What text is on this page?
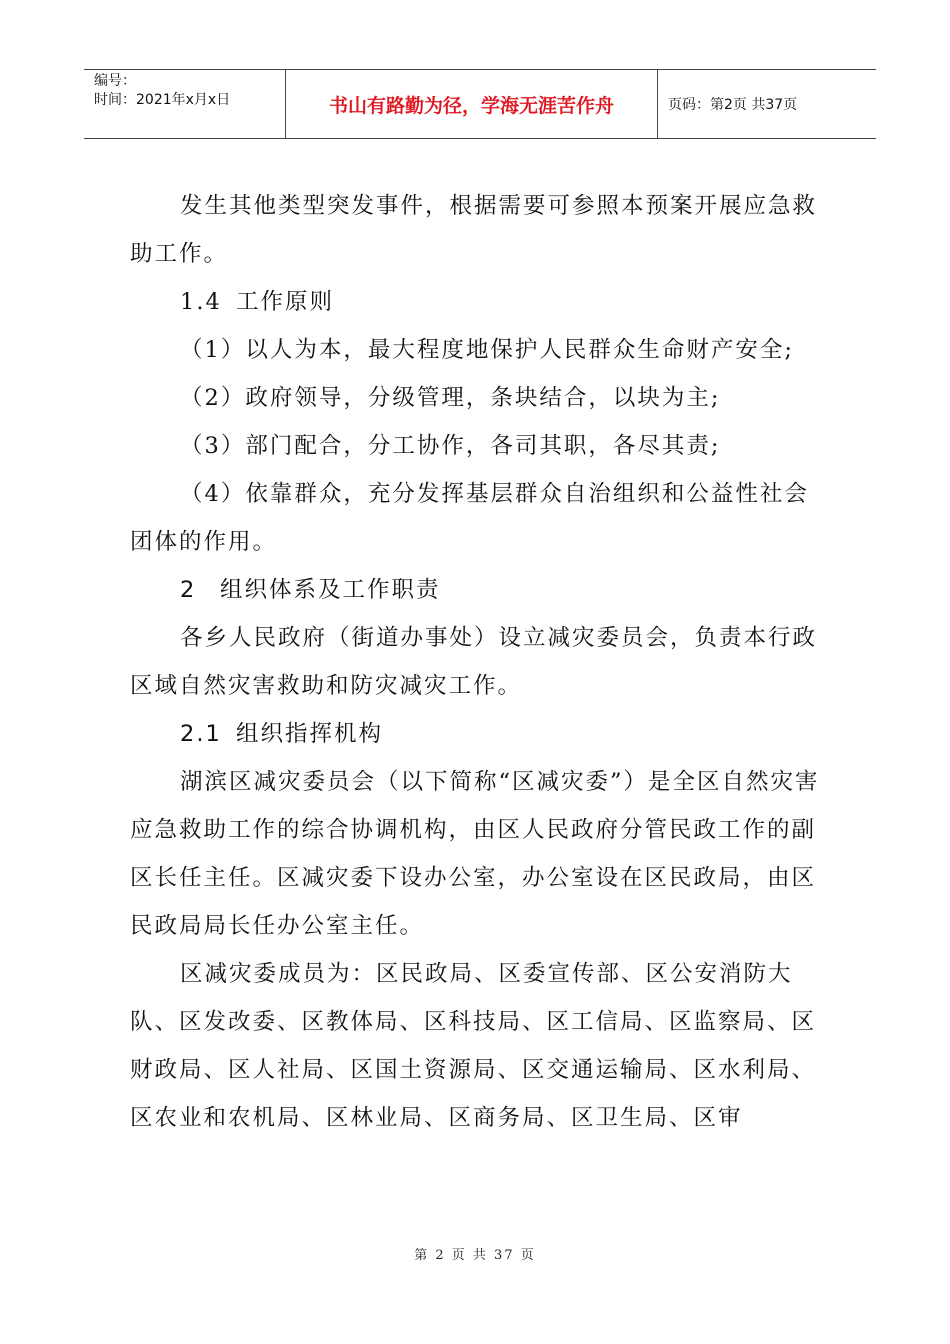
编号：
时间：2021年x月x日	书山有路勤为径，学海无涯苦作舟	页码：第2页 共37页

发生其他类型突发事件，根据需要可参照本预案开展应急救助工作。

1.4 工作原则

（1）以人为本，最大程度地保护人民群众生命财产安全;

（2）政府领导，分级管理，条块结合，以块为主;

（3）部门配合，分工协作，各司其职，各尽其责;

（4）依靠群众，充分发挥基层群众自治组织和公益性社会团体的作用。

2 组织体系及工作职责

各乡人民政府（街道办事处）设立减灾委员会，负责本行政区域自然灾害救助和防灾减灾工作。

2.1 组织指挥机构

湖滨区减灾委员会（以下简称“区减灾委”）是全区自然灾害应急救助工作的综合协调机构，由区人民政府分管民政工作的副区长任主任。区减灾委下设办公室，办公室设在区民政局，由区民政局局长任办公室主任。

区减灾委成员为：区民政局、区委宣传部、区公安消防大队、区发改委、区教体局、区科技局、区工信局、区监察局、区财政局、区人社局、区国土资源局、区交通运输局、区水利局、区农业和农机局、区林业局、区商务局、区卫生局、区审

第 2 页 共 37 页
